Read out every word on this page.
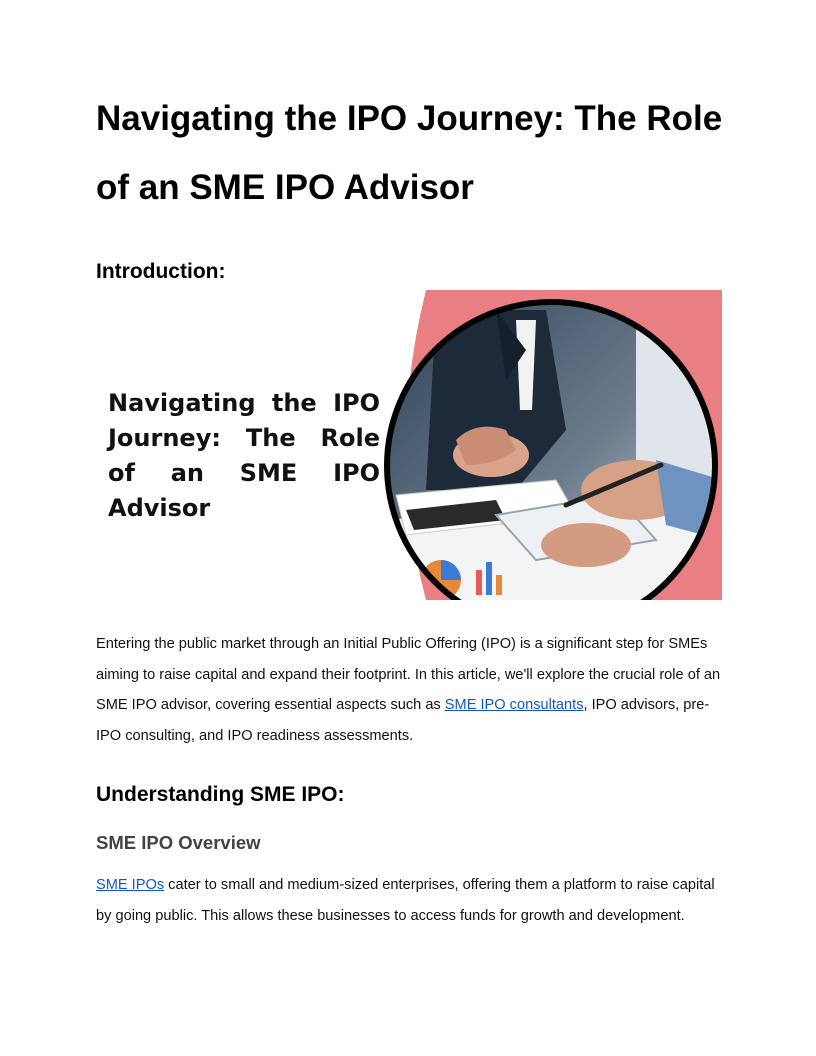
Navigating the IPO Journey: The Role of an SME IPO Advisor
Introduction:

Navigating the IPO Journey: The Role of an SME IPO Advisor

Entering the public market through an Initial Public Offering (IPO) is a significant step for SMEs aiming to raise capital and expand their footprint. In this article, we'll explore the crucial role of an SME IPO advisor, covering essential aspects such as SME IPO consultants, IPO advisors, pre-IPO consulting, and IPO readiness assessments.

Understanding SME IPO:
SME IPO Overview

SME IPOs cater to small and medium-sized enterprises, offering them a platform to raise capital by going public. This allows these businesses to access funds for growth and development.
